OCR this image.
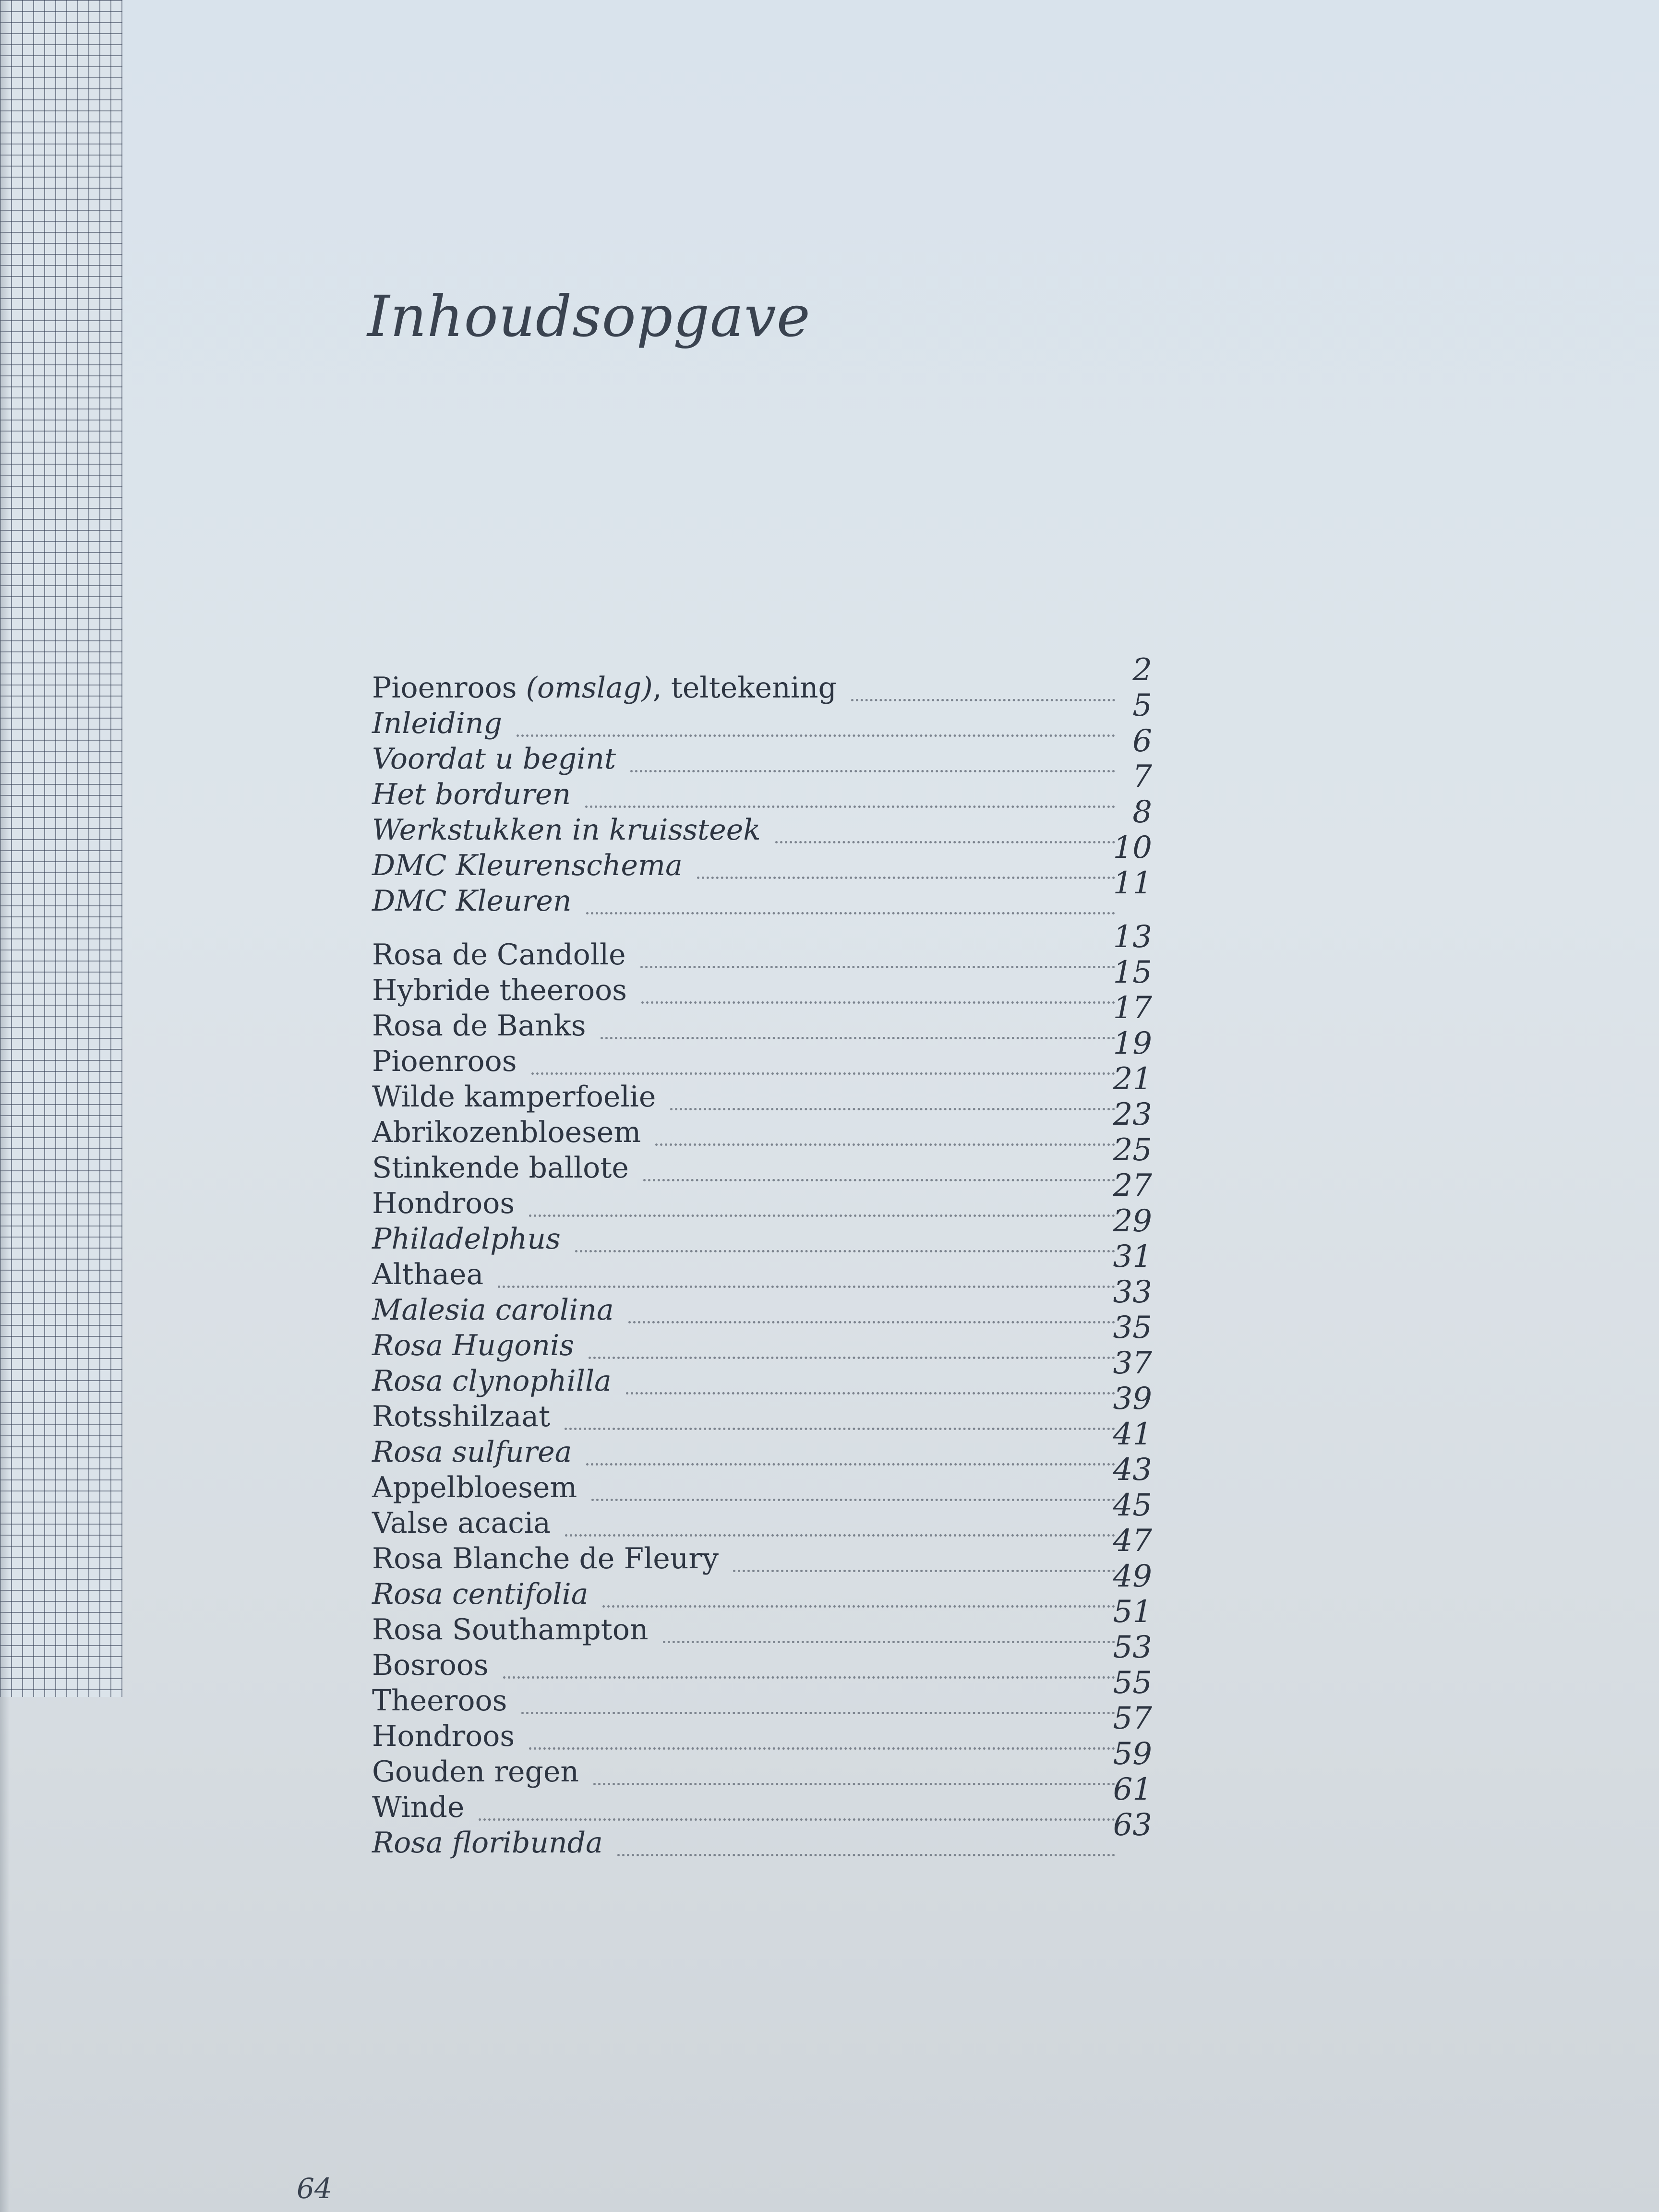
Inhoudsopgave
Pioenroos (omslag), teltekening	2
Inleiding	5
Voordat u begint	6
Het borduren	7
Werkstukken in kruissteek	8
DMC Kleurenschema	10
DMC Kleuren	11
Rosa de Candolle	13
Hybride theeroos	15
Rosa de Banks	17
Pioenroos	19
Wilde kamperfoelie	21
Abrikozenbloesem	23
Stinkende ballote	25
Hondroos	27
Philadelphus	29
Althaea	31
Malesia carolina	33
Rosa Hugonis	35
Rosa clynophilla	37
Rotsshilzaat	39
Rosa sulfurea	41
Appelbloesem	43
Valse acacia	45
Rosa Blanche de Fleury	47
Rosa centifolia	49
Rosa Southampton	51
Bosroos	53
Theeroos	55
Hondroos	57
Gouden regen	59
Winde	61
Rosa floribunda	63
64
